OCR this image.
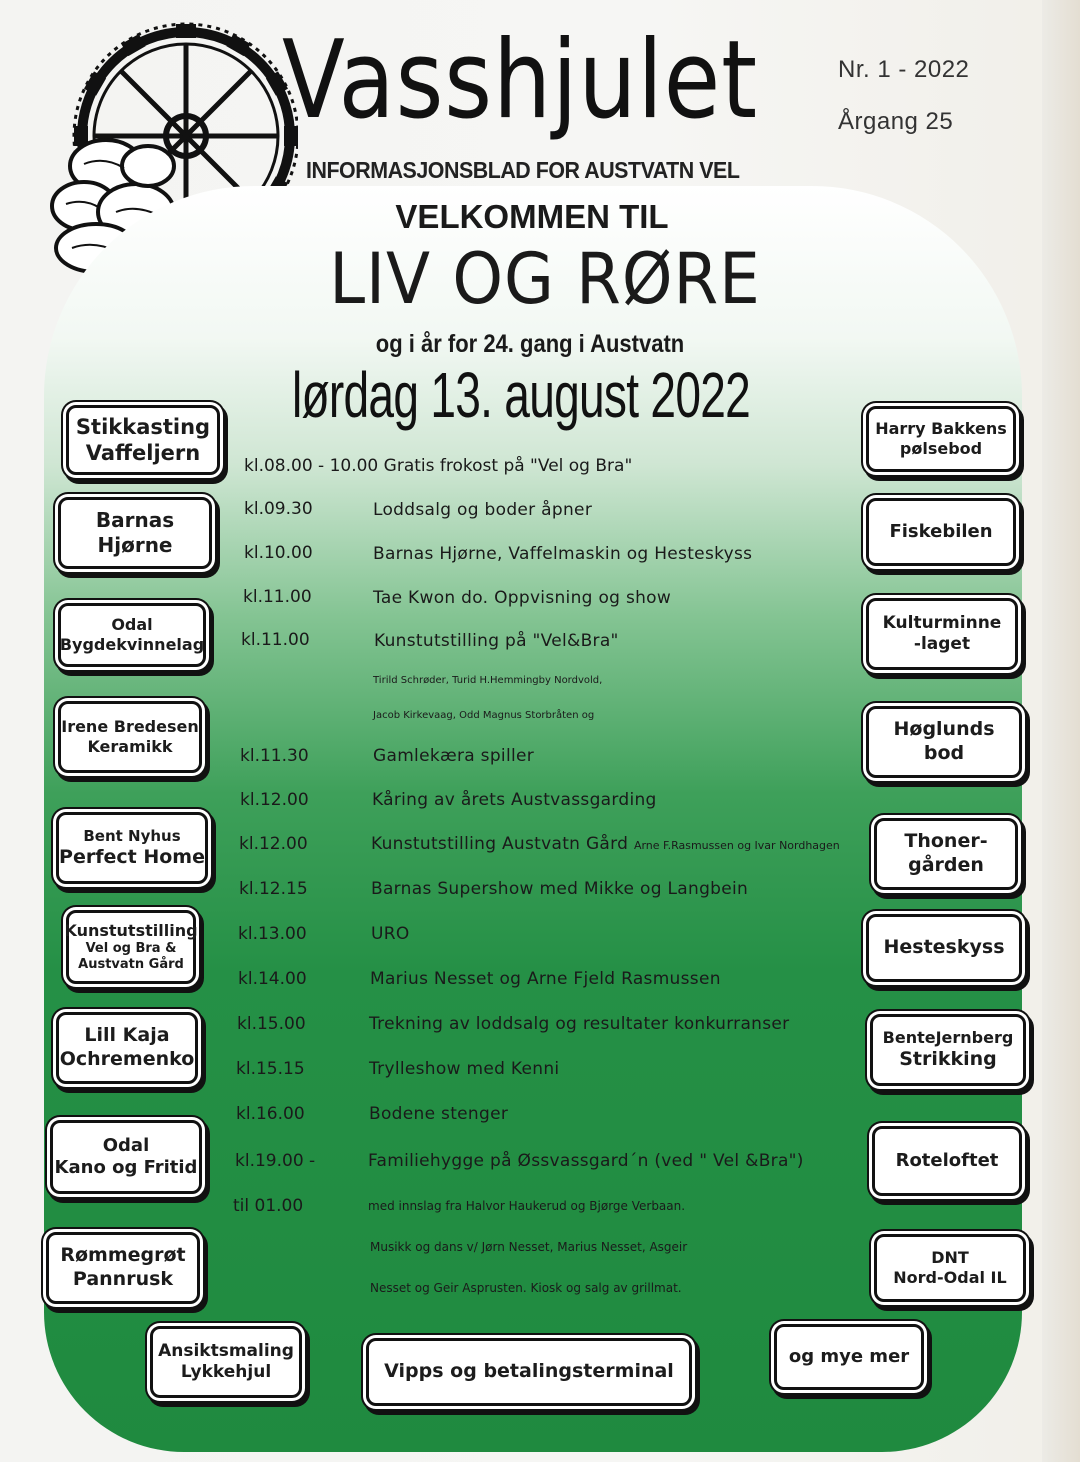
Vasshjulet	Nr. 1 - 2022
Årgang 25
INFORMASJONSBLAD FOR AUSTVATN VEL
VELKOMMEN TIL
LIV OG RØRE
og i år for 24. gang i Austvatn
lørdag 13. august 2022
Stikkasting
Vaffeljern
Barnas
Hjørne
Odal
Bygdekvinnelag
Irene Bredesen
Keramikk
Bent Nyhus
Perfect Home
Kunstutstilling
Vel og Bra &
Austvatn Gård
Lill Kaja
Ochremenko
Odal
Kano og Fritid
Rømmegrøt
Pannrusk
Harry Bakkens
pølsebod
Fiskebilen
Kulturminne
-laget
Høglunds
bod
Thoner-
gården
Hesteskyss
BenteJernberg
Strikking
Roteloftet
DNT
Nord-Odal IL
Ansiktsmaling
Lykkehjul	Vipps og betalingsterminal
og mye mer
kl.08.00 - 10.00 Gratis frokost på "Vel og Bra"
kl.09.30	Loddsalg og boder åpner
kl.10.00	Barnas Hjørne, Vaffelmaskin og Hesteskyss
kl.11.00	Tae Kwon do. Oppvisning og show
kl.11.00	Kunstutstilling på "Vel&Bra"
Tirild Schrøder, Turid H.Hemmingby Nordvold,
Jacob Kirkevaag, Odd Magnus Storbråten og
kl.11.30	Gamlekæra spiller
kl.12.00	Kåring av årets Austvassgarding
kl.12.00	Kunstutstilling Austvatn Gård Arne F.Rasmussen og Ivar Nordhagen
kl.12.15	Barnas Supershow med Mikke og Langbein
kl.13.00	URO
kl.14.00	Marius Nesset og Arne Fjeld Rasmussen
kl.15.00	Trekning av loddsalg og resultater konkurranser
kl.15.15	Trylleshow med Kenni
kl.16.00	Bodene stenger
kl.19.00 -	Familiehygge på Øssvassgard´n (ved " Vel &Bra")
til 01.00	med innslag fra Halvor Haukerud og Bjørge Verbaan.
Musikk og dans v/ Jørn Nesset, Marius Nesset, Asgeir
Nesset og Geir Asprusten. Kiosk og salg av grillmat.
